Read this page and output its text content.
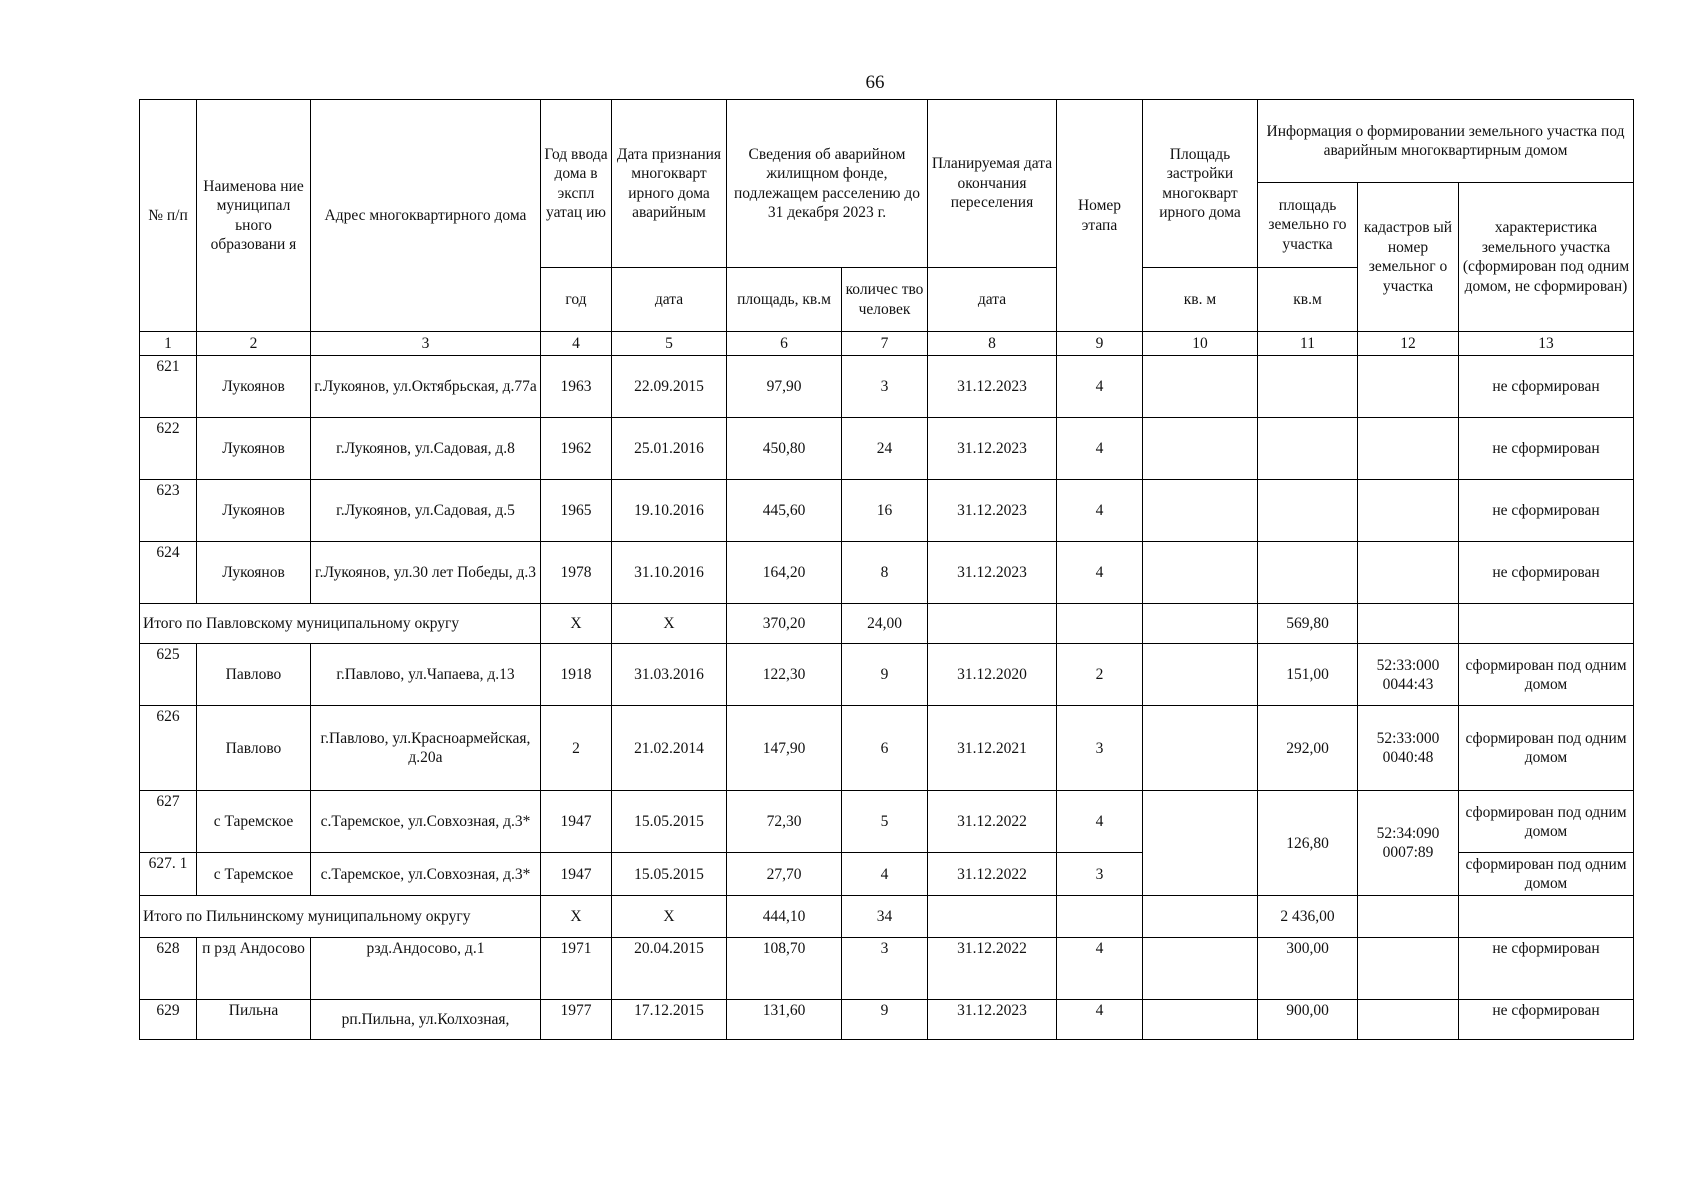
66
№ п/п	Наименова ние муниципал ьного образовани я	Адрес многоквартирного дома	Год ввода дома в экспл уатац ию	Дата признания многокварт ирного дома аварийным	Сведения об аварийном жилищном фонде, подлежащем расселению до 31 декабря 2023 г.		Планируемая дата окончания переселения	Номер этапа	Площадь застройки многокварт ирного дома	Информация о формировании земельного участка под аварийным многоквартирным домом		
										площадь земельно го участка	кадастров ый номер земельног о участка	характеристика земельного участка (сформирован под одним домом, не сформирован)
			год	дата	площадь, кв.м	количес тво человек	дата		кв. м	кв.м		
1	2	3	4	5	6	7	8	9	10	11	12	13
621	Лукоянов	г.Лукоянов, ул.Октябрьская, д.77а	1963	22.09.2015	97,90	3	31.12.2023	4				не сформирован
622	Лукоянов	г.Лукоянов, ул.Садовая, д.8	1962	25.01.2016	450,80	24	31.12.2023	4				не сформирован
623	Лукоянов	г.Лукоянов, ул.Садовая, д.5	1965	19.10.2016	445,60	16	31.12.2023	4				не сформирован
624	Лукоянов	г.Лукоянов, ул.30 лет Победы, д.3	1978	31.10.2016	164,20	8	31.12.2023	4				не сформирован
Итого по Павловскому муниципальному округу			Х	Х	370,20	24,00				569,80		
625	Павлово	г.Павлово, ул.Чапаева, д.13	1918	31.03.2016	122,30	9	31.12.2020	2		151,00	52:33:000 0044:43	сформирован под одним домом
626	Павлово	г.Павлово, ул.Красноармейская, д.20а	2	21.02.2014	147,90	6	31.12.2021	3		292,00	52:33:000 0040:48	сформирован под одним домом
627	с Таремское	с.Таремское, ул.Совхозная, д.3*	1947	15.05.2015	72,30	5	31.12.2022	4		126,80	52:34:090 0007:89	сформирован под одним домом
627. 1	с Таремское	с.Таремское, ул.Совхозная, д.3*	1947	15.05.2015	27,70	4	31.12.2022	3				сформирован под одним домом
Итого по Пильнинскому муниципальному округу			Х	Х	444,10	34				2 436,00		
628	п рзд Андосово	рзд.Андосово, д.1	1971	20.04.2015	108,70	3	31.12.2022	4		300,00		не сформирован
629	Пильна	рп.Пильна, ул.Колхозная,	1977	17.12.2015	131,60	9	31.12.2023	4		900,00		не сформирован
